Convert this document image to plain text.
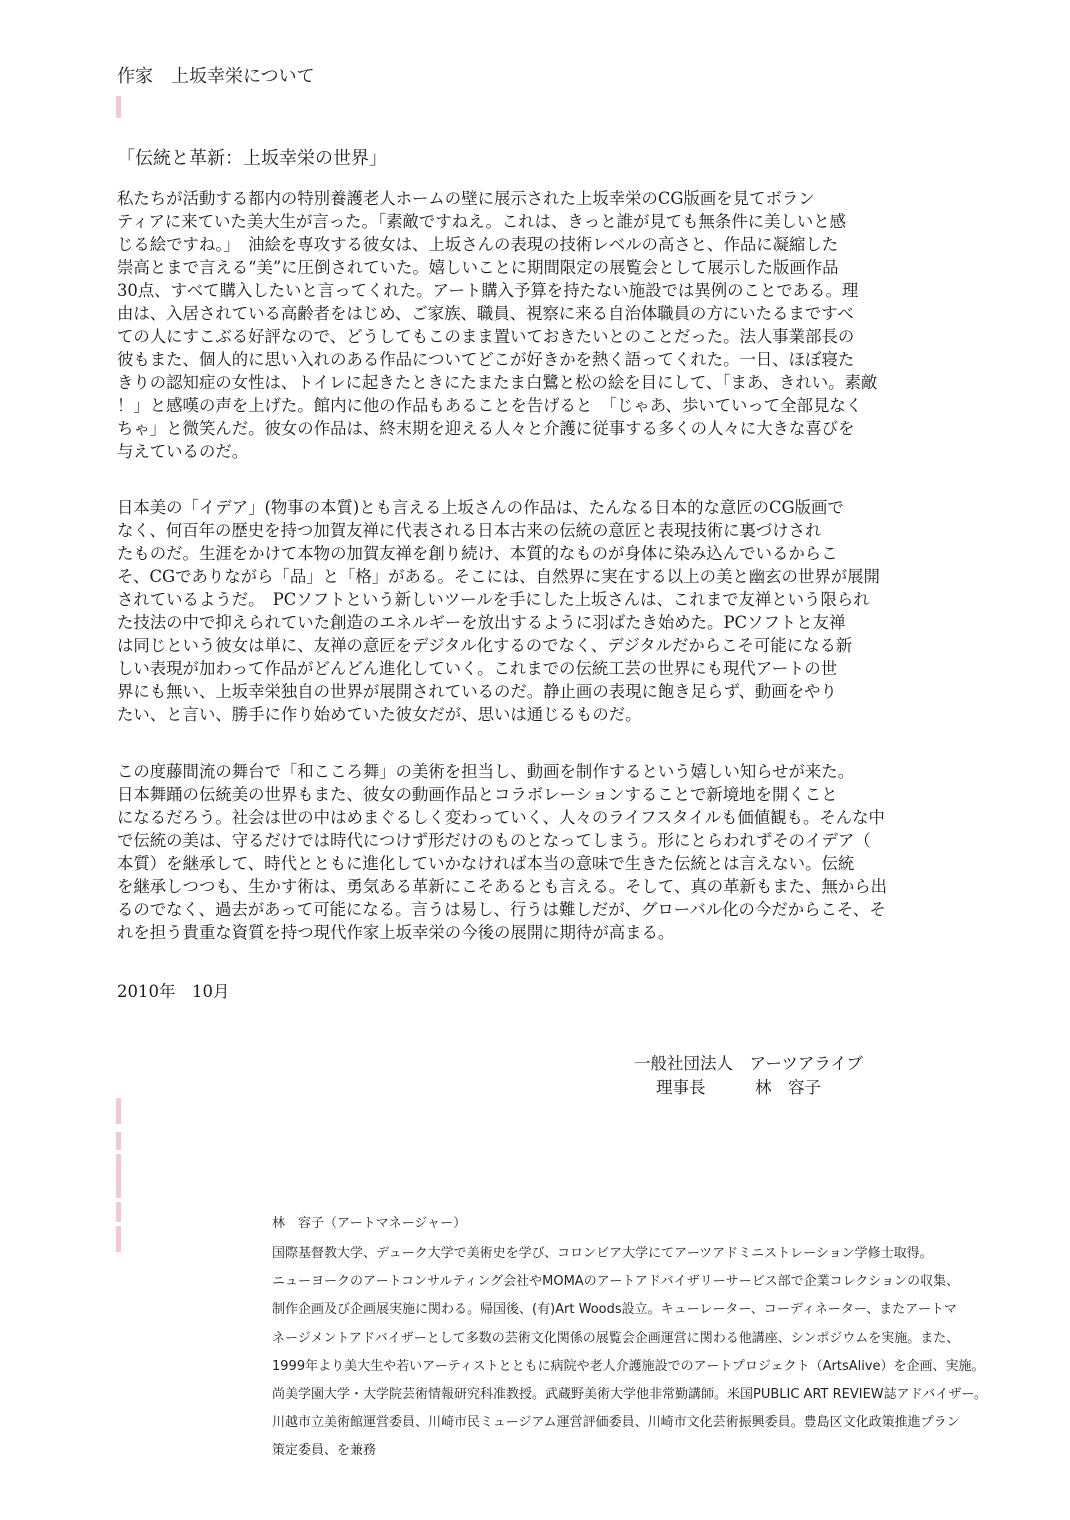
作家　上坂幸栄について
「伝統と革新：上坂幸栄の世界」
私たちが活動する都内の特別養護老人ホームの壁に展示された上坂幸栄のCG版画を見てボラン
ティアに来ていた美大生が言った。「素敵ですねえ。これは、きっと誰が見ても無条件に美しいと感
じる絵ですね。」　油絵を専攻する彼女は、上坂さんの表現の技術レベルの高さと、作品に凝縮した
崇高とまで言える“美”に圧倒されていた。嬉しいことに期間限定の展覧会として展示した版画作品
30点、すべて購入したいと言ってくれた。アート購入予算を持たない施設では異例のことである。理
由は、入居されている高齢者をはじめ、ご家族、職員、視察に来る自治体職員の方にいたるまですべ
ての人にすこぶる好評なので、どうしてもこのまま置いておきたいとのことだった。法人事業部長の
彼もまた、個人的に思い入れのある作品についてどこが好きかを熱く語ってくれた。一日、ほぼ寝た
きりの認知症の女性は、トイレに起きたときにたまたま白鷺と松の絵を目にして、「まあ、きれい。素敵
！」と感嘆の声を上げた。館内に他の作品もあることを告げると　「じゃあ、歩いていって全部見なく
ちゃ」と微笑んだ。彼女の作品は、終末期を迎える人々と介護に従事する多くの人々に大きな喜びを
与えているのだ。
日本美の「イデア」(物事の本質)とも言える上坂さんの作品は、たんなる日本的な意匠のCG版画で
なく、何百年の歴史を持つ加賀友禅に代表される日本古来の伝統の意匠と表現技術に裏づけされ
たものだ。生涯をかけて本物の加賀友禅を創り続け、本質的なものが身体に染み込んでいるからこ
そ、CGでありながら「品」と「格」がある。そこには、自然界に実在する以上の美と幽玄の世界が展開
されているようだ。　PCソフトという新しいツールを手にした上坂さんは、これまで友禅という限られ
た技法の中で抑えられていた創造のエネルギーを放出するように羽ばたき始めた。PCソフトと友禅
は同じという彼女は単に、友禅の意匠をデジタル化するのでなく、デジタルだからこそ可能になる新
しい表現が加わって作品がどんどん進化していく。これまでの伝統工芸の世界にも現代アートの世
界にも無い、上坂幸栄独自の世界が展開されているのだ。静止画の表現に飽き足らず、動画をやり
たい、と言い、勝手に作り始めていた彼女だが、思いは通じるものだ。
この度藤間流の舞台で「和こころ舞」の美術を担当し、動画を制作するという嬉しい知らせが来た。
日本舞踊の伝統美の世界もまた、彼女の動画作品とコラボレーションすることで新境地を開くこと
になるだろう。社会は世の中はめまぐるしく変わっていく、人々のライフスタイルも価値観も。そんな中
で伝統の美は、守るだけでは時代につけず形だけのものとなってしまう。形にとらわれずそのイデア（
本質）を継承して、時代とともに進化していかなければ本当の意味で生きた伝統とは言えない。伝統
を継承しつつも、生かす術は、勇気ある革新にこそあるとも言える。そして、真の革新もまた、無から出
るのでなく、過去があって可能になる。言うは易し、行うは難しだが、グローバル化の今だからこそ、そ
れを担う貴重な資質を持つ現代作家上坂幸栄の今後の展開に期待が高まる。
2010年　10月
一般社団法人　アーツアライブ
理事長　　　林　容子
林　容子（アートマネージャー）
国際基督教大学、デューク大学で美術史を学び、コロンビア大学にてアーツアドミニストレーション学修士取得。
ニューヨークのアートコンサルティング会社やMOMAのアートアドバイザリーサービス部で企業コレクションの収集、
制作企画及び企画展実施に関わる。帰国後、(有)Art Woods設立。キューレーター、コーディネーター、またアートマ
ネージメントアドバイザーとして多数の芸術文化関係の展覧会企画運営に関わる他講座、シンポジウムを実施。また、
1999年より美大生や若いアーティストとともに病院や老人介護施設でのアートプロジェクト（ArtsAlive）を企画、実施。
尚美学園大学・大学院芸術情報研究科准教授。武蔵野美術大学他非常勤講師。米国PUBLIC ART REVIEW誌アドバイザー。
川越市立美術館運営委員、川崎市民ミュージアム運営評価委員、川崎市文化芸術振興委員。豊島区文化政策推進プラン
策定委員、を兼務
